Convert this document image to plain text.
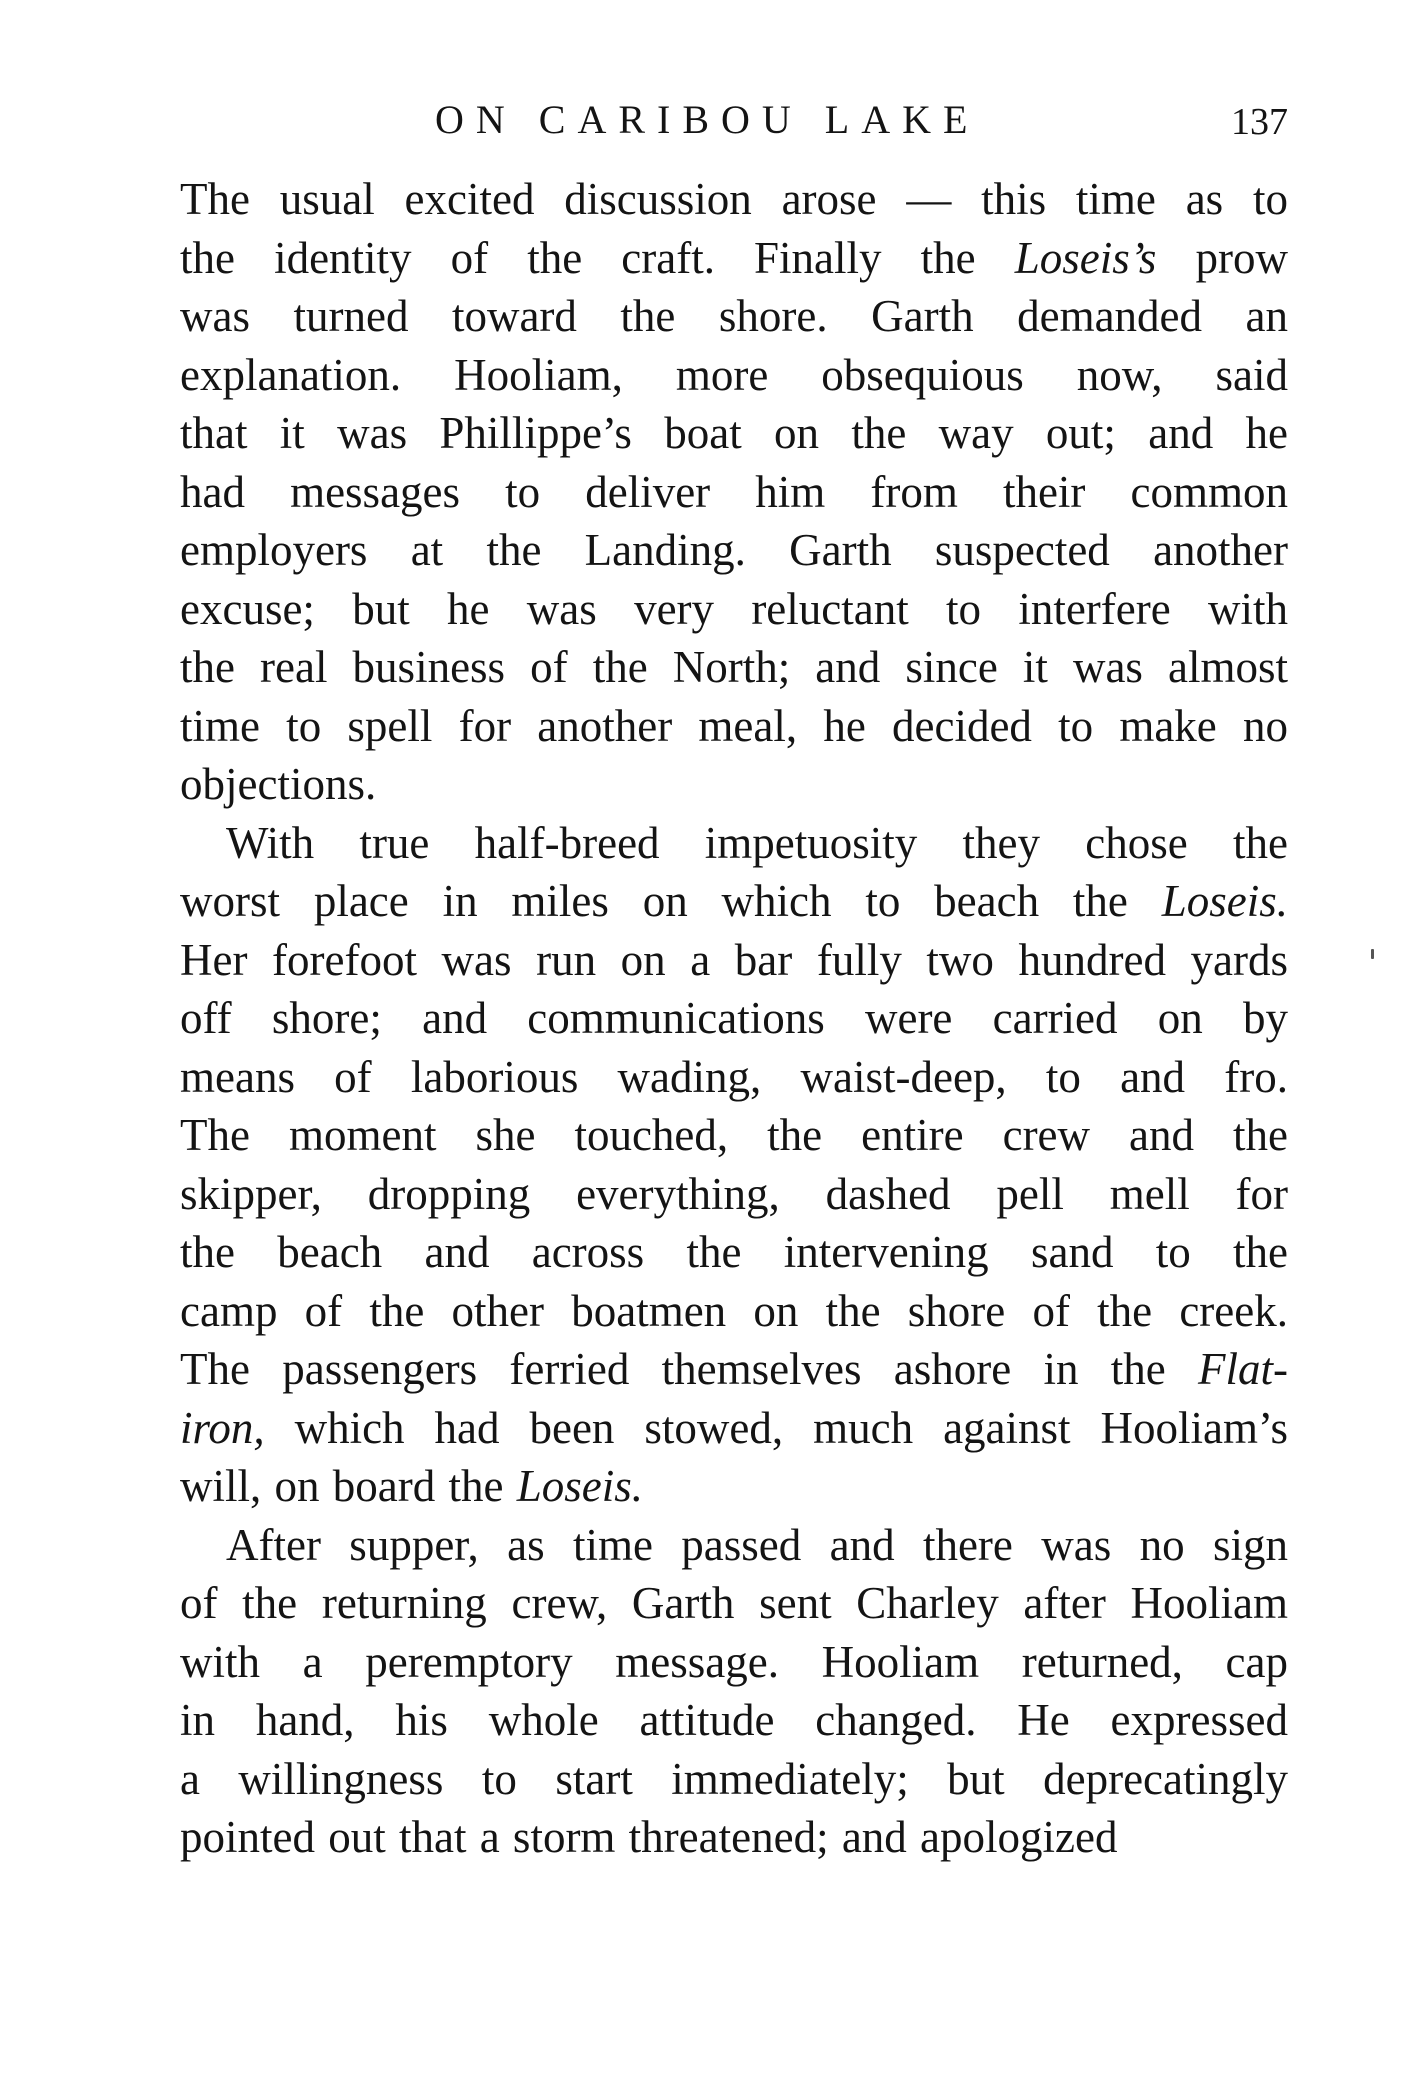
ON CARIBOU LAKE	137
The usual excited discussion arose — this time as to
the identity of the craft. Finally the Loseis’s prow
was turned toward the shore. Garth demanded an
explanation. Hooliam, more obsequious now, said
that it was Phillippe’s boat on the way out; and he
had messages to deliver him from their common
employers at the Landing. Garth suspected another
excuse; but he was very reluctant to interfere with
the real business of the North; and since it was almost
time to spell for another meal, he decided to make no
objections.
With true half-breed impetuosity they chose the
worst place in miles on which to beach the Loseis.
Her forefoot was run on a bar fully two hundred yards
off shore; and communications were carried on by
means of laborious wading, waist-deep, to and fro.
The moment she touched, the entire crew and the
skipper, dropping everything, dashed pell mell for
the beach and across the intervening sand to the
camp of the other boatmen on the shore of the creek.
The passengers ferried themselves ashore in the Flat-
iron, which had been stowed, much against Hooliam’s
will, on board the Loseis.
After supper, as time passed and there was no sign
of the returning crew, Garth sent Charley after Hooliam
with a peremptory message. Hooliam returned, cap
in hand, his whole attitude changed. He expressed
a willingness to start immediately; but deprecatingly
pointed out that a storm threatened; and apologized
